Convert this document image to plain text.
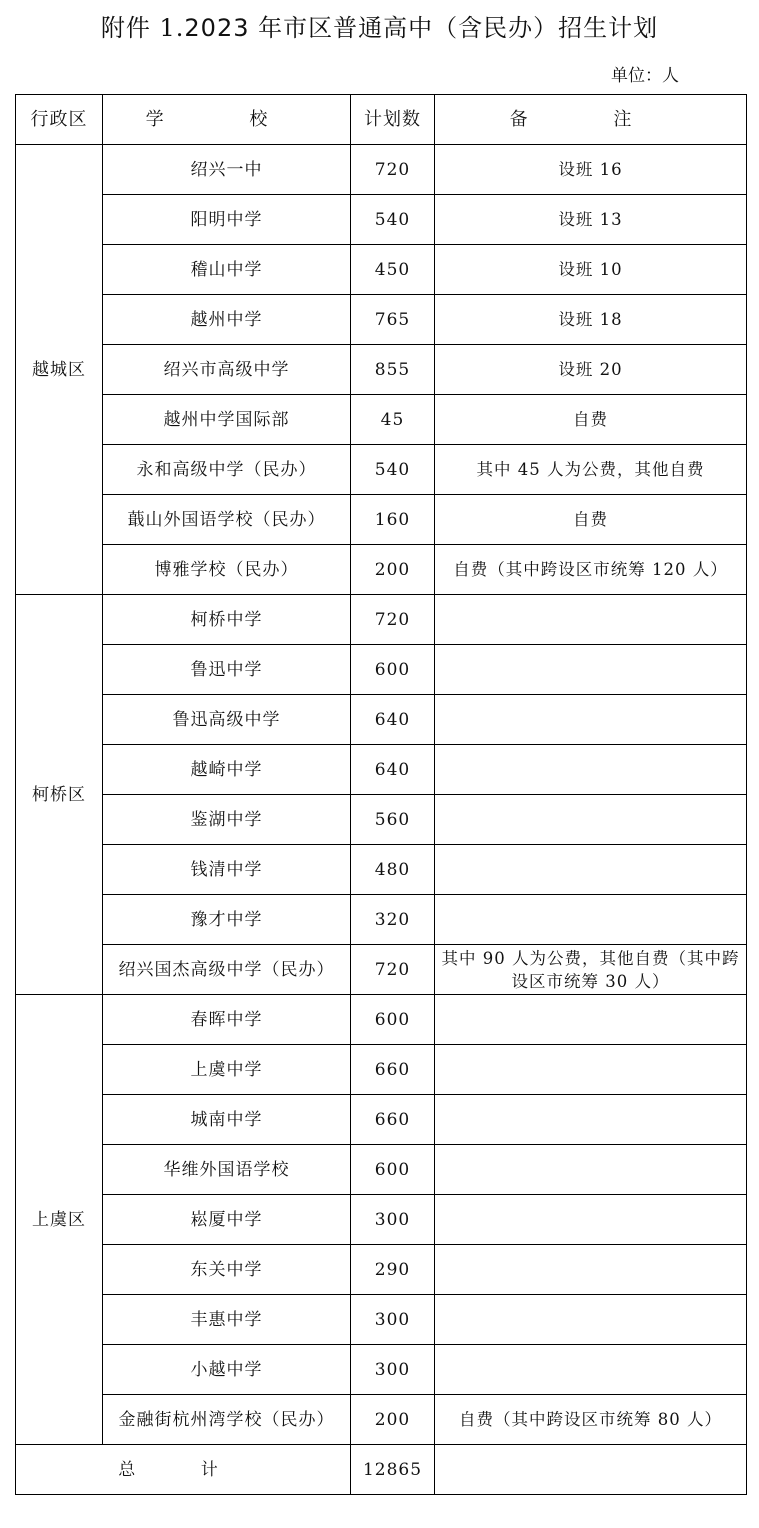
附件 1.2023 年市区普通高中（含民办）招生计划
单位：人
行政区	学 校	计划数	备 注
越城区	绍兴一中	720	设班 16
	阳明中学	540	设班 13
	稽山中学	450	设班 10
	越州中学	765	设班 18
	绍兴市高级中学	855	设班 20
	越州中学国际部	45	自费
	永和高级中学（民办）	540	其中 45 人为公费，其他自费
	蕺山外国语学校（民办）	160	自费
	博雅学校（民办）	200	自费（其中跨设区市统筹 120 人）
柯桥区	柯桥中学	720	
	鲁迅中学	600	
	鲁迅高级中学	640	
	越崎中学	640	
	鉴湖中学	560	
	钱清中学	480	
	豫才中学	320	
	绍兴国杰高级中学（民办）	720	其中 90 人为公费，其他自费（其中跨设区市统筹 30 人）
上虞区	春晖中学	600	
	上虞中学	660	
	城南中学	660	
	华维外国语学校	600	
	崧厦中学	300	
	东关中学	290	
	丰惠中学	300	
	小越中学	300	
	金融街杭州湾学校（民办）	200	自费（其中跨设区市统筹 80 人）
总 计		12865	
